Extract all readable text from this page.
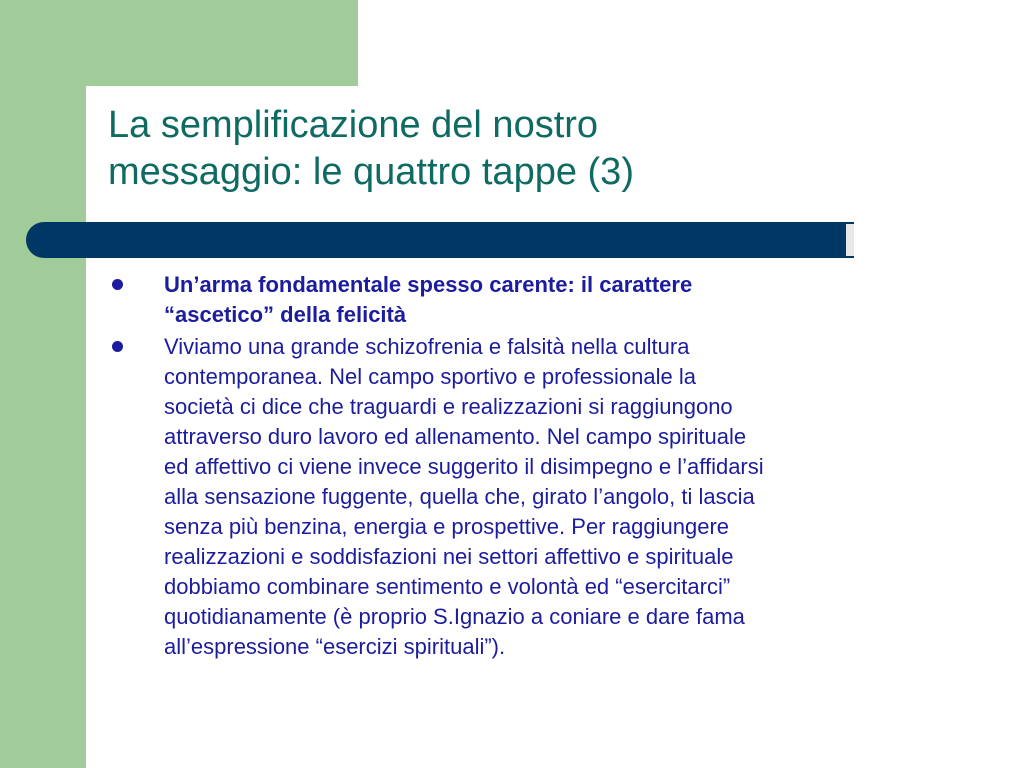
La semplificazione del nostro
messaggio: le quattro tappe (3)
Un’arma fondamentale spesso carente: il carattere
“ascetico” della felicità
Viviamo una grande schizofrenia e falsità nella cultura
contemporanea. Nel campo sportivo e professionale la
società ci dice che traguardi e realizzazioni si raggiungono
attraverso duro lavoro ed allenamento. Nel campo spirituale
ed affettivo ci viene invece suggerito il disimpegno e l’affidarsi
alla sensazione fuggente, quella che, girato l’angolo, ti lascia
senza più benzina, energia e prospettive. Per raggiungere
realizzazioni e soddisfazioni nei settori affettivo e spirituale
dobbiamo combinare sentimento e volontà ed “esercitarci”
quotidianamente (è proprio S.Ignazio a coniare e dare fama
all’espressione “esercizi spirituali”).
